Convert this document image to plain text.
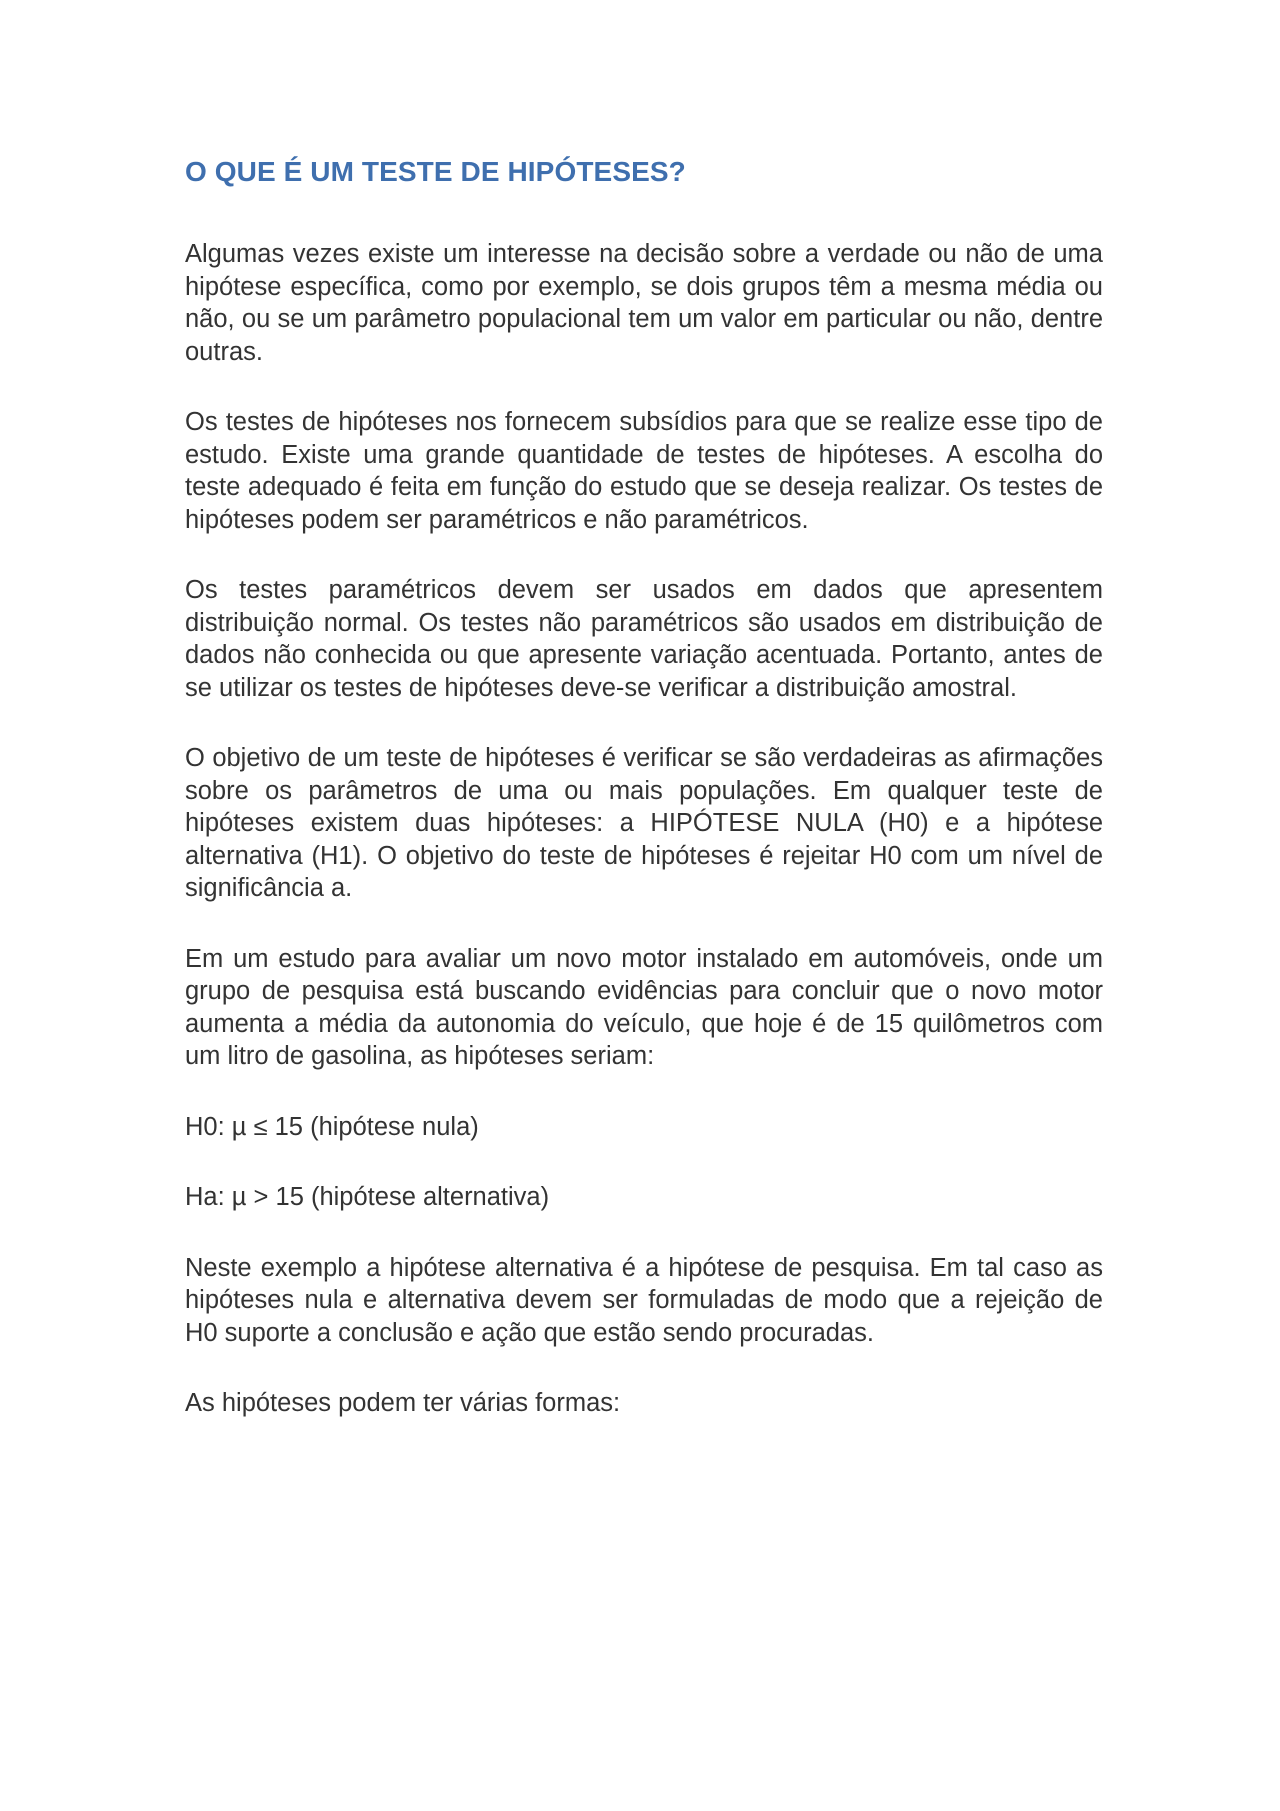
O QUE É UM TESTE DE HIPÓTESES?

Algumas vezes existe um interesse na decisão sobre a verdade ou não de uma hipótese específica, como por exemplo, se dois grupos têm a mesma média ou não, ou se um parâmetro populacional tem um valor em particular ou não, dentre outras.

Os testes de hipóteses nos fornecem subsídios para que se realize esse tipo de estudo. Existe uma grande quantidade de testes de hipóteses. A escolha do teste adequado é feita em função do estudo que se deseja realizar. Os testes de hipóteses podem ser paramétricos e não paramétricos.

Os testes paramétricos devem ser usados em dados que apresentem distribuição normal. Os testes não paramétricos são usados em distribuição de dados não conhecida ou que apresente variação acentuada. Portanto, antes de se utilizar os testes de hipóteses deve-se verificar a distribuição amostral.

O objetivo de um teste de hipóteses é verificar se são verdadeiras as afirmações sobre os parâmetros de uma ou mais populações. Em qualquer teste de hipóteses existem duas hipóteses: a HIPÓTESE NULA (H0) e a hipótese alternativa (H1). O objetivo do teste de hipóteses é rejeitar H0 com um nível de significância a.

Em um estudo para avaliar um novo motor instalado em automóveis, onde um grupo de pesquisa está buscando evidências para concluir que o novo motor aumenta a média da autonomia do veículo, que hoje é de 15 quilômetros com um litro de gasolina, as hipóteses seriam:

H0: µ ≤ 15 (hipótese nula)

Ha: µ > 15 (hipótese alternativa)

Neste exemplo a hipótese alternativa é a hipótese de pesquisa. Em tal caso as hipóteses nula e alternativa devem ser formuladas de modo que a rejeição de H0 suporte a conclusão e ação que estão sendo procuradas.

As hipóteses podem ter várias formas:
